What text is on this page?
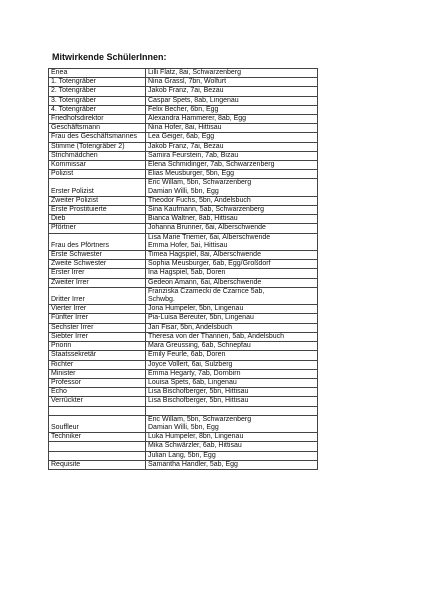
Mitwirkende SchülerInnen:
Enea	Lilli Flatz, 8ai, Schwarzenberg

1. Totengräber	Nina Grassl, 7bn, Wolfurt

2. Totengräber	Jakob Franz, 7ai, Bezau

3. Totengräber	Caspar Spets, 8ab, Lingenau

4. Totengräber	Felix Becher, 6bn, Egg

Friedhofsdirektor	Alexandra Hammerer, 8ab, Egg

Geschäftsmann	Nina Hofer, 8ai, Hittisau

Frau des Geschäftsmannes	Lea Geiger, 6ab, Egg

Stimme (Totengräber 2)	Jakob Franz, 7ai, Bezau

Strichmädchen	Samira Feurstein, 7ab, Bizau

Kommissar	Elena Schmidinger, 7ab, Schwarzenberg

Polizist	Elias Meusburger, 5bn, Egg

Erster Polizist	Eric Willam, 5bn, Schwarzenberg
Damian Willi, 5bn, Egg

Zweiter Polizist	Theodor Fuchs, 5bn, Andelsbuch

Erste Prostituierte	Sina Kaufmann, 5ab, Schwarzenberg

Dieb	Bianca Waltner, 8ab, Hittisau

Pförtner	Johanna Brunner, 6ai, Alberschwende

Frau des Pförtners	Lisa Marie Triemer, 6ai, Alberschwende
Emma Hofer, 5ai, Hittisau

Erste Schwester	Timea Hagspiel, 8ai, Alberschwende

Zweite Schwester	Sophia Meusburger, 6ab, Egg/Großdorf

Erster Irrer	Ina Hagspiel, 5ab, Doren

Zweiter Irrer	Gedeon Amann, 6ai, Alberschwende

Dritter Irrer	Franziska Czamecki de Czarnce 5ab,
Schwbg.

Vierter Irrer	Jona Humpeler, 5bn, Lingenau

Fünfter Irrer	Pia-Luisa Bereuter, 5bn, Lingenau

Sechster Irrer	Jan Fisar, 5bn, Andelsbuch

Siebter Irrer	Theresa von der Thannen, 5ab, Andelsbuch

Priorin	Mara Greussing, 6ab, Schnepfau

Staatssekretär	Emily Feurle, 6ab, Doren

Richter	Joyce Vollert, 6ai, Sulzberg

Minister	Emma Hegarty, 7ab, Dornbirn

Professor	Louisa Spets, 6ab, Lingenau

Echo	Lisa Bischofberger, 5bn, Hittisau

Verrückter	Lisa Bischofberger, 5bn, Hittisau

Souffleur	Eric Willam, 5bn, Schwarzenberg
Damian Willi, 5bn, Egg

Techniker	Luka Humpeler, 8bn, Lingenau

	Mika Schwärzler, 6ab, Hittisau

	Julian Lang, 5bn, Egg

Requisite	Samantha Handler, 5ab, Egg
